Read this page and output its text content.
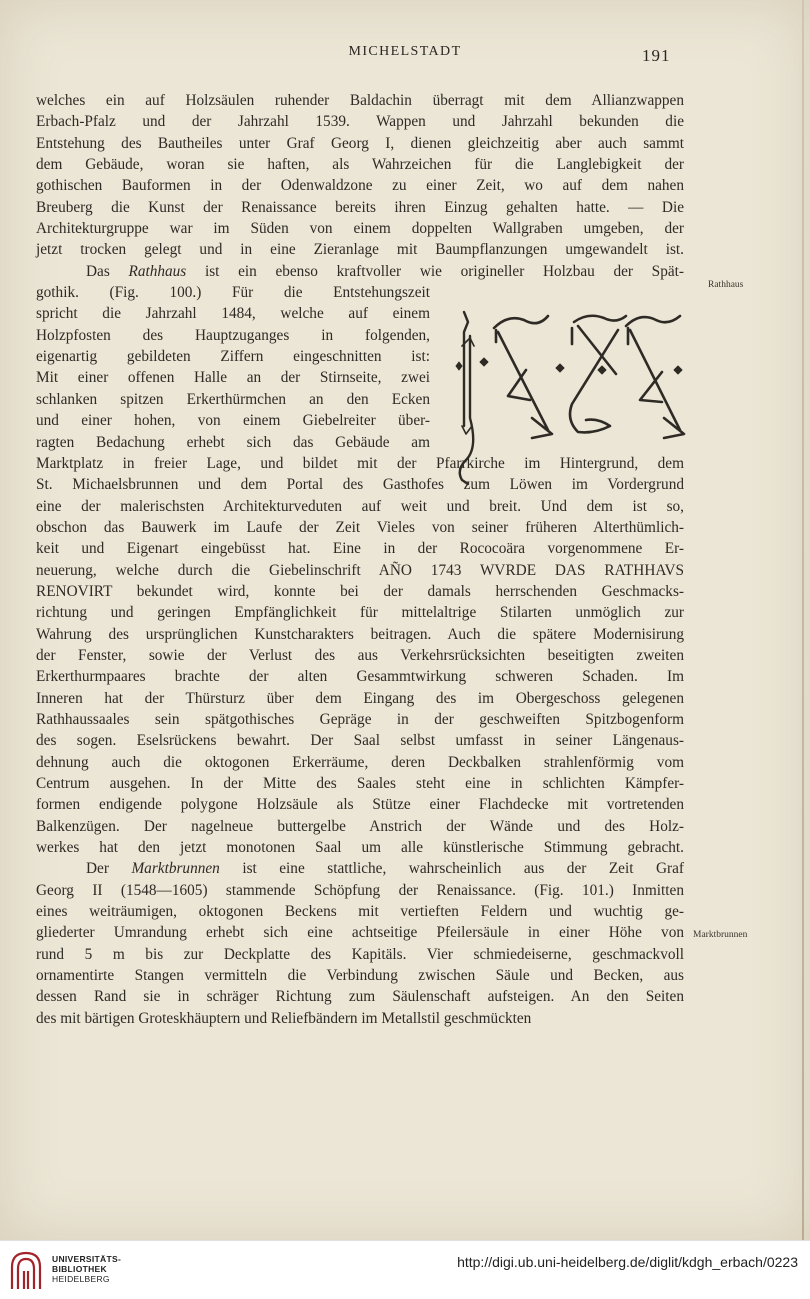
MICHELSTADT	191

welches ein auf Holzsäulen ruhender Baldachin überragt mit dem Allianzwappen

Erbach-Pfalz und der Jahrzahl 1539. Wappen und Jahrzahl bekunden die

Entstehung des Bautheiles unter Graf Georg I, dienen gleichzeitig aber auch sammt

dem Gebäude, woran sie haften, als Wahrzeichen für die Langlebigkeit der

gothischen Bauformen in der Odenwaldzone zu einer Zeit, wo auf dem nahen

Breuberg die Kunst der Renaissance bereits ihren Einzug gehalten hatte. — Die

Architekturgruppe war im Süden von einem doppelten Wallgraben umgeben, der

jetzt trocken gelegt und in eine Zieranlage mit Baumpflanzungen umgewandelt ist.

Das Rathhaus ist ein ebenso kraftvoller wie origineller Holzbau der Spät-

gothik. (Fig. 100.) Für die Entstehungszeit

spricht die Jahrzahl 1484, welche auf einem

Holzpfosten des Hauptzuganges in folgenden,

eigenartig gebildeten Ziffern eingeschnitten ist:

Mit einer offenen Halle an der Stirnseite, zwei

schlanken spitzen Erkerthürmchen an den Ecken

und einer hohen, von einem Giebelreiter über-

ragten Bedachung erhebt sich das Gebäude am

Marktplatz in freier Lage, und bildet mit der Pfarrkirche im Hintergrund, dem

St. Michaelsbrunnen und dem Portal des Gasthofes zum Löwen im Vordergrund

eine der malerischsten Architekturveduten auf weit und breit. Und dem ist so,

obschon das Bauwerk im Laufe der Zeit Vieles von seiner früheren Alterthümlich-

keit und Eigenart eingebüsst hat. Eine in der Rococoära vorgenommene Er-

neuerung, welche durch die Giebelinschrift AÑO 1743 WVRDE DAS RATHHAVS

RENOVIRT bekundet wird, konnte bei der damals herrschenden Geschmacks-

richtung und geringen Empfänglichkeit für mittelaltrige Stilarten unmöglich zur

Wahrung des ursprünglichen Kunstcharakters beitragen. Auch die spätere Modernisirung

der Fenster, sowie der Verlust des aus Verkehrsrücksichten beseitigten zweiten

Erkerthurmpaares brachte der alten Gesammtwirkung schweren Schaden. Im

Inneren hat der Thürsturz über dem Eingang des im Obergeschoss gelegenen

Rathhaussaales sein spätgothisches Gepräge in der geschweiften Spitzbogenform

des sogen. Eselsrückens bewahrt. Der Saal selbst umfasst in seiner Längenaus-

dehnung auch die oktogonen Erkerräume, deren Deckbalken strahlenförmig vom

Centrum ausgehen. In der Mitte des Saales steht eine in schlichten Kämpfer-

formen endigende polygone Holzsäule als Stütze einer Flachdecke mit vortretenden

Balkenzügen. Der nagelneue buttergelbe Anstrich der Wände und des Holz-

werkes hat den jetzt monotonen Saal um alle künstlerische Stimmung gebracht.

Der Marktbrunnen ist eine stattliche, wahrscheinlich aus der Zeit Graf

Georg II (1548—1605) stammende Schöpfung der Renaissance. (Fig. 101.) Inmitten

eines weiträumigen, oktogonen Beckens mit vertieften Feldern und wuchtig ge-

gliederter Umrandung erhebt sich eine achtseitige Pfeilersäule in einer Höhe von

rund 5 m bis zur Deckplatte des Kapitäls. Vier schmiedeiserne, geschmackvoll

ornamentirte Stangen vermitteln die Verbindung zwischen Säule und Becken, aus

dessen Rand sie in schräger Richtung zum Säulenschaft aufsteigen. An den Seiten

des mit bärtigen Groteskhäuptern und Reliefbändern im Metallstil geschmückten

Rathhaus
Marktbrunnen
UNIVERSITÄTS-
BIBLIOTHEK
HEIDELBERG
http://digi.ub.uni-heidelberg.de/diglit/kdgh_erbach/0223
